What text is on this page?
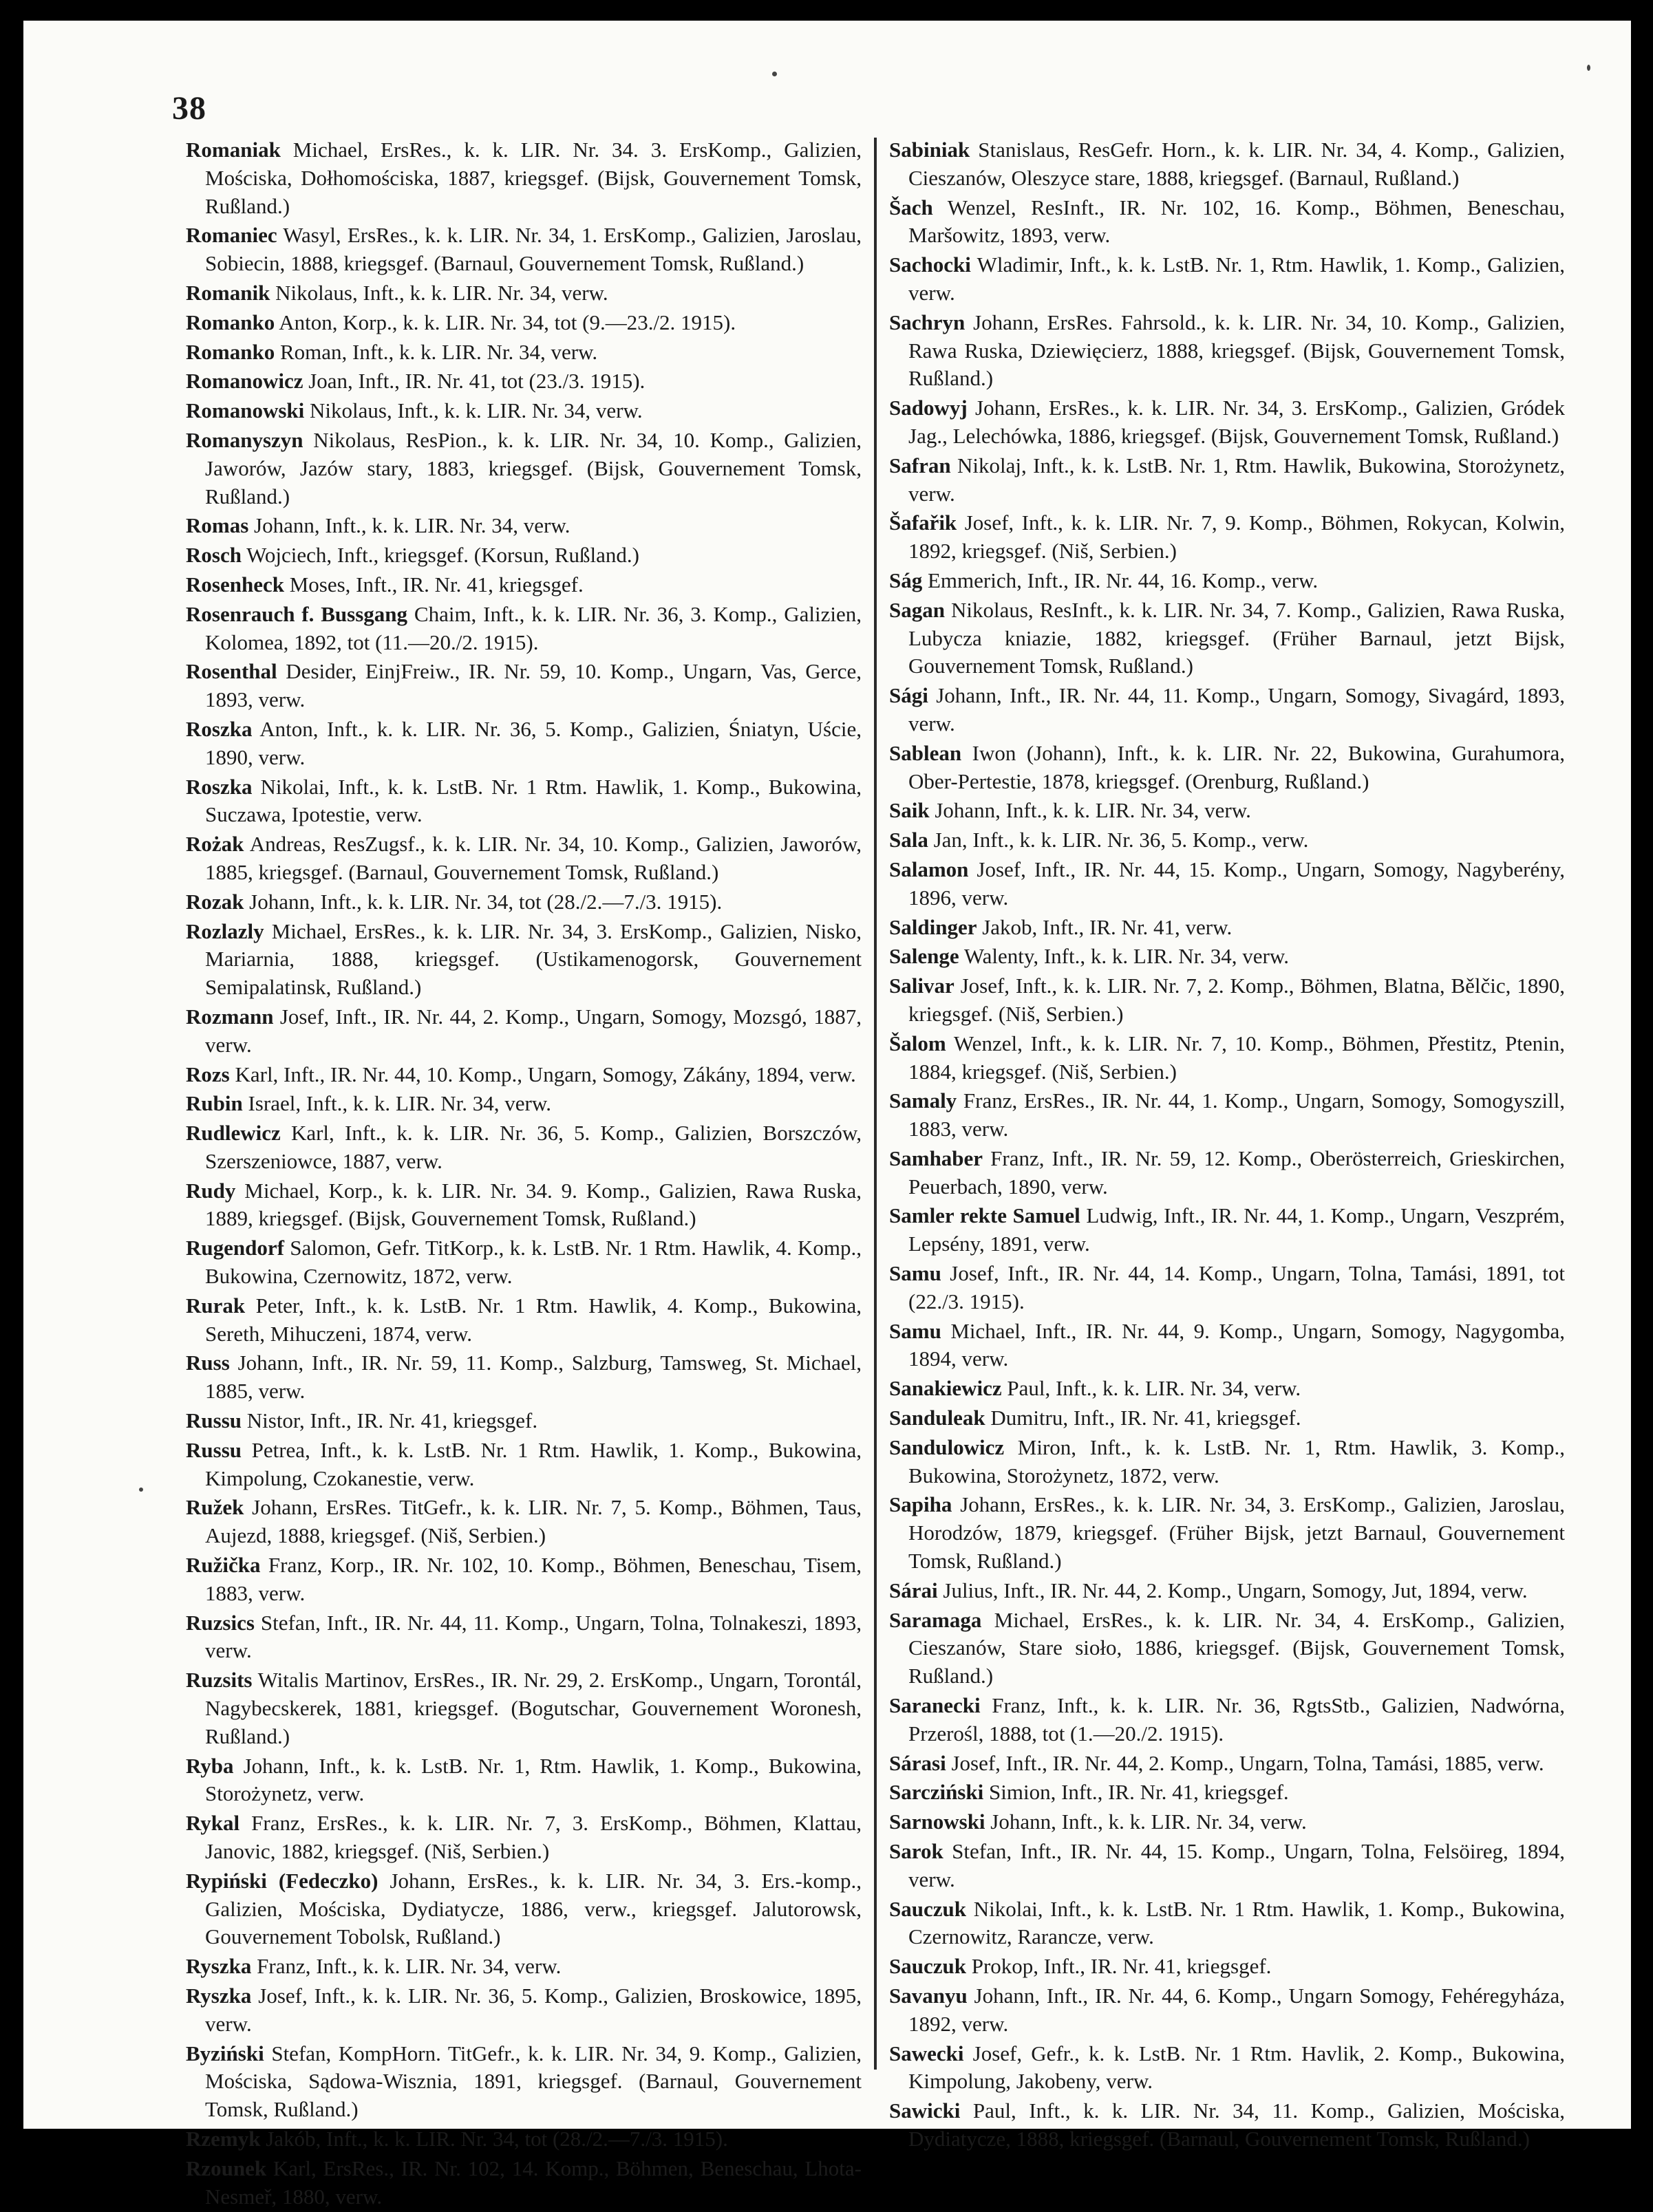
38

Romaniak Michael, ErsRes., k. k. LIR. Nr. 34. 3. ErsKomp., Galizien, Mościska, Dołhomościska, 1887, kriegsgef. (Bijsk, Gouvernement Tomsk, Rußland.)

Romaniec Wasyl, ErsRes., k. k. LIR. Nr. 34, 1. ErsKomp., Galizien, Jaroslau, Sobiecin, 1888, kriegsgef. (Barnaul, Gouvernement Tomsk, Rußland.)

Romanik Nikolaus, Inft., k. k. LIR. Nr. 34, verw.

Romanko Anton, Korp., k. k. LIR. Nr. 34, tot (9.—23./2. 1915).

Romanko Roman, Inft., k. k. LIR. Nr. 34, verw.

Romanowicz Joan, Inft., IR. Nr. 41, tot (23./3. 1915).

Romanowski Nikolaus, Inft., k. k. LIR. Nr. 34, verw.

Romanyszyn Nikolaus, ResPion., k. k. LIR. Nr. 34, 10. Komp., Galizien, Jaworów, Jazów stary, 1883, kriegsgef. (Bijsk, Gouvernement Tomsk, Rußland.)

Romas Johann, Inft., k. k. LIR. Nr. 34, verw.

Rosch Wojciech, Inft., kriegsgef. (Korsun, Rußland.)

Rosenheck Moses, Inft., IR. Nr. 41, kriegsgef.

Rosenrauch f. Bussgang Chaim, Inft., k. k. LIR. Nr. 36, 3. Komp., Galizien, Kolomea, 1892, tot (11.—20./2. 1915).

Rosenthal Desider, EinjFreiw., IR. Nr. 59, 10. Komp., Ungarn, Vas, Gerce, 1893, verw.

Roszka Anton, Inft., k. k. LIR. Nr. 36, 5. Komp., Galizien, Śniatyn, Uście, 1890, verw.

Roszka Nikolai, Inft., k. k. LstB. Nr. 1 Rtm. Hawlik, 1. Komp., Bukowina, Suczawa, Ipotestie, verw.

Rożak Andreas, ResZugsf., k. k. LIR. Nr. 34, 10. Komp., Galizien, Jaworów, 1885, kriegsgef. (Barnaul, Gouvernement Tomsk, Rußland.)

Rozak Johann, Inft., k. k. LIR. Nr. 34, tot (28./2.—7./3. 1915).

Rozlazly Michael, ErsRes., k. k. LIR. Nr. 34, 3. ErsKomp., Galizien, Nisko, Mariarnia, 1888, kriegsgef. (Ustikamenogorsk, Gouvernement Semipalatinsk, Rußland.)

Rozmann Josef, Inft., IR. Nr. 44, 2. Komp., Ungarn, Somogy, Mozsgó, 1887, verw.

Rozs Karl, Inft., IR. Nr. 44, 10. Komp., Ungarn, Somogy, Zákány, 1894, verw.

Rubin Israel, Inft., k. k. LIR. Nr. 34, verw.

Rudlewicz Karl, Inft., k. k. LIR. Nr. 36, 5. Komp., Galizien, Borszczów, Szerszeniowce, 1887, verw.

Rudy Michael, Korp., k. k. LIR. Nr. 34. 9. Komp., Galizien, Rawa Ruska, 1889, kriegsgef. (Bijsk, Gouvernement Tomsk, Rußland.)

Rugendorf Salomon, Gefr. TitKorp., k. k. LstB. Nr. 1 Rtm. Hawlik, 4. Komp., Bukowina, Czernowitz, 1872, verw.

Rurak Peter, Inft., k. k. LstB. Nr. 1 Rtm. Hawlik, 4. Komp., Bukowina, Sereth, Mihuczeni, 1874, verw.

Russ Johann, Inft., IR. Nr. 59, 11. Komp., Salzburg, Tamsweg, St. Michael, 1885, verw.

Russu Nistor, Inft., IR. Nr. 41, kriegsgef.

Russu Petrea, Inft., k. k. LstB. Nr. 1 Rtm. Hawlik, 1. Komp., Bukowina, Kimpolung, Czokanestie, verw.

Ružek Johann, ErsRes. TitGefr., k. k. LIR. Nr. 7, 5. Komp., Böhmen, Taus, Aujezd, 1888, kriegsgef. (Niš, Serbien.)

Ružička Franz, Korp., IR. Nr. 102, 10. Komp., Böhmen, Beneschau, Tisem, 1883, verw.

Ruzsics Stefan, Inft., IR. Nr. 44, 11. Komp., Ungarn, Tolna, Tolnakeszi, 1893, verw.

Ruzsits Witalis Martinov, ErsRes., IR. Nr. 29, 2. ErsKomp., Ungarn, Torontál, Nagybecskerek, 1881, kriegsgef. (Bogutschar, Gouvernement Woronesh, Rußland.)

Ryba Johann, Inft., k. k. LstB. Nr. 1, Rtm. Hawlik, 1. Komp., Bukowina, Storożynetz, verw.

Rykal Franz, ErsRes., k. k. LIR. Nr. 7, 3. ErsKomp., Böhmen, Klattau, Janovic, 1882, kriegsgef. (Niš, Serbien.)

Rypiński (Fedeczko) Johann, ErsRes., k. k. LIR. Nr. 34, 3. Ers.-komp., Galizien, Mościska, Dydiatycze, 1886, verw., kriegsgef. Jalutorowsk, Gouvernement Tobolsk, Rußland.)

Ryszka Franz, Inft., k. k. LIR. Nr. 34, verw.

Ryszka Josef, Inft., k. k. LIR. Nr. 36, 5. Komp., Galizien, Broskowice, 1895, verw.

Byziński Stefan, KompHorn. TitGefr., k. k. LIR. Nr. 34, 9. Komp., Galizien, Mościska, Sądowa-Wisznia, 1891, kriegsgef. (Barnaul, Gouvernement Tomsk, Rußland.)

Rzemyk Jakób, Inft., k. k. LIR. Nr. 34, tot (28./2.—7./3. 1915).

Rzounek Karl, ErsRes., IR. Nr. 102, 14. Komp., Böhmen, Beneschau, Lhota-Nesmeř, 1880, verw.

Sabiniak Stanislaus, ResGefr. Horn., k. k. LIR. Nr. 34, 4. Komp., Galizien, Cieszanów, Oleszyce stare, 1888, kriegsgef. (Barnaul, Rußland.)

Šach Wenzel, ResInft., IR. Nr. 102, 16. Komp., Böhmen, Beneschau, Maršowitz, 1893, verw.

Sachocki Wladimir, Inft., k. k. LstB. Nr. 1, Rtm. Hawlik, 1. Komp., Galizien, verw.

Sachryn Johann, ErsRes. Fahrsold., k. k. LIR. Nr. 34, 10. Komp., Galizien, Rawa Ruska, Dziewięcierz, 1888, kriegsgef. (Bijsk, Gouvernement Tomsk, Rußland.)

Sadowyj Johann, ErsRes., k. k. LIR. Nr. 34, 3. ErsKomp., Galizien, Gródek Jag., Lelechówka, 1886, kriegsgef. (Bijsk, Gouvernement Tomsk, Rußland.)

Safran Nikolaj, Inft., k. k. LstB. Nr. 1, Rtm. Hawlik, Bukowina, Storożynetz, verw.

Šafařik Josef, Inft., k. k. LIR. Nr. 7, 9. Komp., Böhmen, Rokycan, Kolwin, 1892, kriegsgef. (Niš, Serbien.)

Ság Emmerich, Inft., IR. Nr. 44, 16. Komp., verw.

Sagan Nikolaus, ResInft., k. k. LIR. Nr. 34, 7. Komp., Galizien, Rawa Ruska, Lubycza kniazie, 1882, kriegsgef. (Früher Barnaul, jetzt Bijsk, Gouvernement Tomsk, Rußland.)

Sági Johann, Inft., IR. Nr. 44, 11. Komp., Ungarn, Somogy, Sivagárd, 1893, verw.

Sablean Iwon (Johann), Inft., k. k. LIR. Nr. 22, Bukowina, Gurahumora, Ober-Pertestie, 1878, kriegsgef. (Orenburg, Rußland.)

Saik Johann, Inft., k. k. LIR. Nr. 34, verw.

Sala Jan, Inft., k. k. LIR. Nr. 36, 5. Komp., verw.

Salamon Josef, Inft., IR. Nr. 44, 15. Komp., Ungarn, Somogy, Nagyberény, 1896, verw.

Saldinger Jakob, Inft., IR. Nr. 41, verw.

Salenge Walenty, Inft., k. k. LIR. Nr. 34, verw.

Salivar Josef, Inft., k. k. LIR. Nr. 7, 2. Komp., Böhmen, Blatna, Bělčic, 1890, kriegsgef. (Niš, Serbien.)

Šalom Wenzel, Inft., k. k. LIR. Nr. 7, 10. Komp., Böhmen, Přestitz, Ptenin, 1884, kriegsgef. (Niš, Serbien.)

Samaly Franz, ErsRes., IR. Nr. 44, 1. Komp., Ungarn, Somogy, Somogyszill, 1883, verw.

Samhaber Franz, Inft., IR. Nr. 59, 12. Komp., Oberösterreich, Grieskirchen, Peuerbach, 1890, verw.

Samler rekte Samuel Ludwig, Inft., IR. Nr. 44, 1. Komp., Ungarn, Veszprém, Lepsény, 1891, verw.

Samu Josef, Inft., IR. Nr. 44, 14. Komp., Ungarn, Tolna, Tamási, 1891, tot (22./3. 1915).

Samu Michael, Inft., IR. Nr. 44, 9. Komp., Ungarn, Somogy, Nagygomba, 1894, verw.

Sanakiewicz Paul, Inft., k. k. LIR. Nr. 34, verw.

Sanduleak Dumitru, Inft., IR. Nr. 41, kriegsgef.

Sandulowicz Miron, Inft., k. k. LstB. Nr. 1, Rtm. Hawlik, 3. Komp., Bukowina, Storożynetz, 1872, verw.

Sapiha Johann, ErsRes., k. k. LIR. Nr. 34, 3. ErsKomp., Galizien, Jaroslau, Horodzów, 1879, kriegsgef. (Früher Bijsk, jetzt Barnaul, Gouvernement Tomsk, Rußland.)

Sárai Julius, Inft., IR. Nr. 44, 2. Komp., Ungarn, Somogy, Jut, 1894, verw.

Saramaga Michael, ErsRes., k. k. LIR. Nr. 34, 4. ErsKomp., Galizien, Cieszanów, Stare sioło, 1886, kriegsgef. (Bijsk, Gouvernement Tomsk, Rußland.)

Saranecki Franz, Inft., k. k. LIR. Nr. 36, RgtsStb., Galizien, Nadwórna, Przerośl, 1888, tot (1.—20./2. 1915).

Sárasi Josef, Inft., IR. Nr. 44, 2. Komp., Ungarn, Tolna, Tamási, 1885, verw.

Sarcziński Simion, Inft., IR. Nr. 41, kriegsgef.

Sarnowski Johann, Inft., k. k. LIR. Nr. 34, verw.

Sarok Stefan, Inft., IR. Nr. 44, 15. Komp., Ungarn, Tolna, Felsöireg, 1894, verw.

Sauczuk Nikolai, Inft., k. k. LstB. Nr. 1 Rtm. Hawlik, 1. Komp., Bukowina, Czernowitz, Rarancze, verw.

Sauczuk Prokop, Inft., IR. Nr. 41, kriegsgef.

Savanyu Johann, Inft., IR. Nr. 44, 6. Komp., Ungarn Somogy, Fehéregyháza, 1892, verw.

Sawecki Josef, Gefr., k. k. LstB. Nr. 1 Rtm. Havlik, 2. Komp., Bukowina, Kimpolung, Jakobeny, verw.

Sawicki Paul, Inft., k. k. LIR. Nr. 34, 11. Komp., Galizien, Mościska, Dydiatycze, 1888, kriegsgef. (Barnaul, Gouvernement Tomsk, Rußland.)
